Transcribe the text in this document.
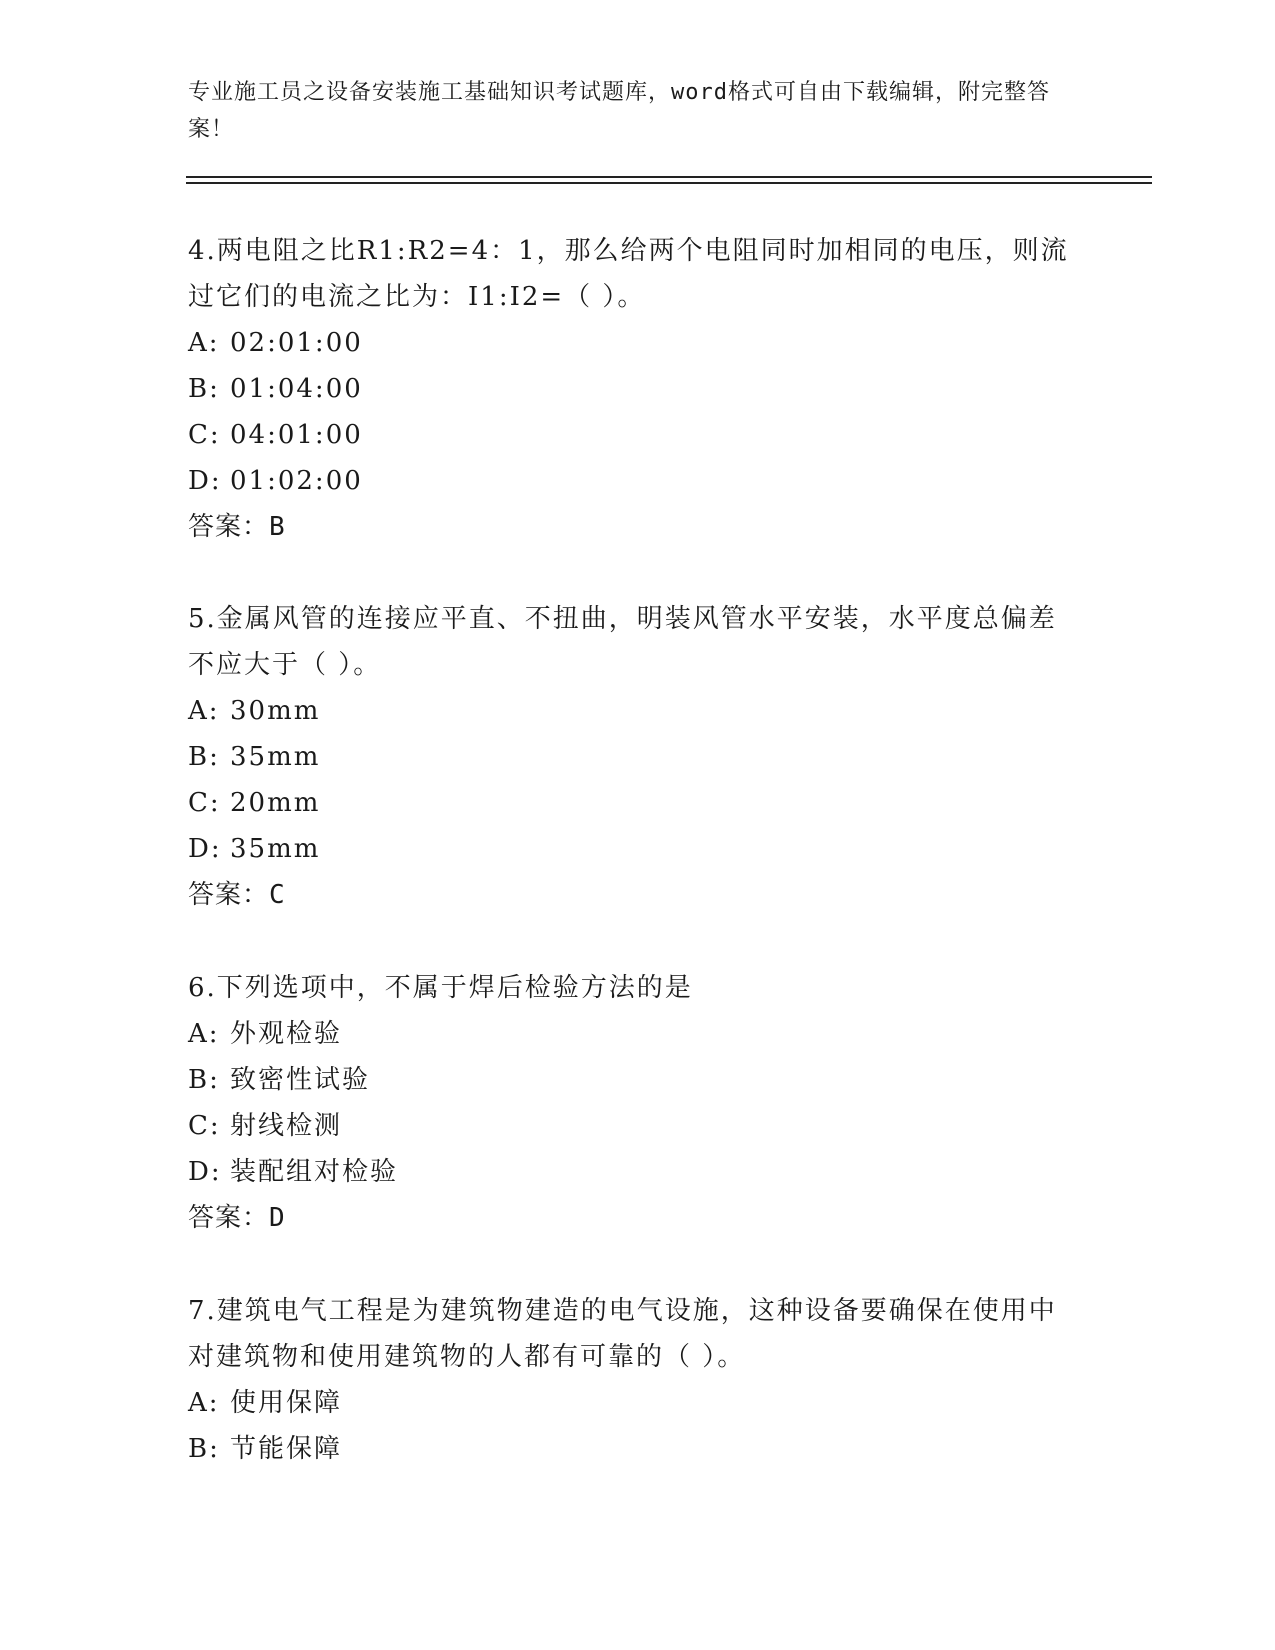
专业施工员之设备安装施工基础知识考试题库，word格式可自由下载编辑，附完整答案！

4.两电阻之比R1:R2=4：1，那么给两个电阻同时加相同的电压，则流过它们的电流之比为：I1:I2=（ ）。

A: 02:01:00

B: 01:04:00

C: 04:01:00

D: 01:02:00

答案：B

5.金属风管的连接应平直、不扭曲，明装风管水平安装，水平度总偏差不应大于（ ）。

A: 30mm

B: 35mm

C: 20mm

D: 35mm

答案：C

6.下列选项中，不属于焊后检验方法的是

A: 外观检验

B: 致密性试验

C: 射线检测

D: 装配组对检验

答案：D

7.建筑电气工程是为建筑物建造的电气设施，这种设备要确保在使用中对建筑物和使用建筑物的人都有可靠的（ ）。

A: 使用保障

B: 节能保障
